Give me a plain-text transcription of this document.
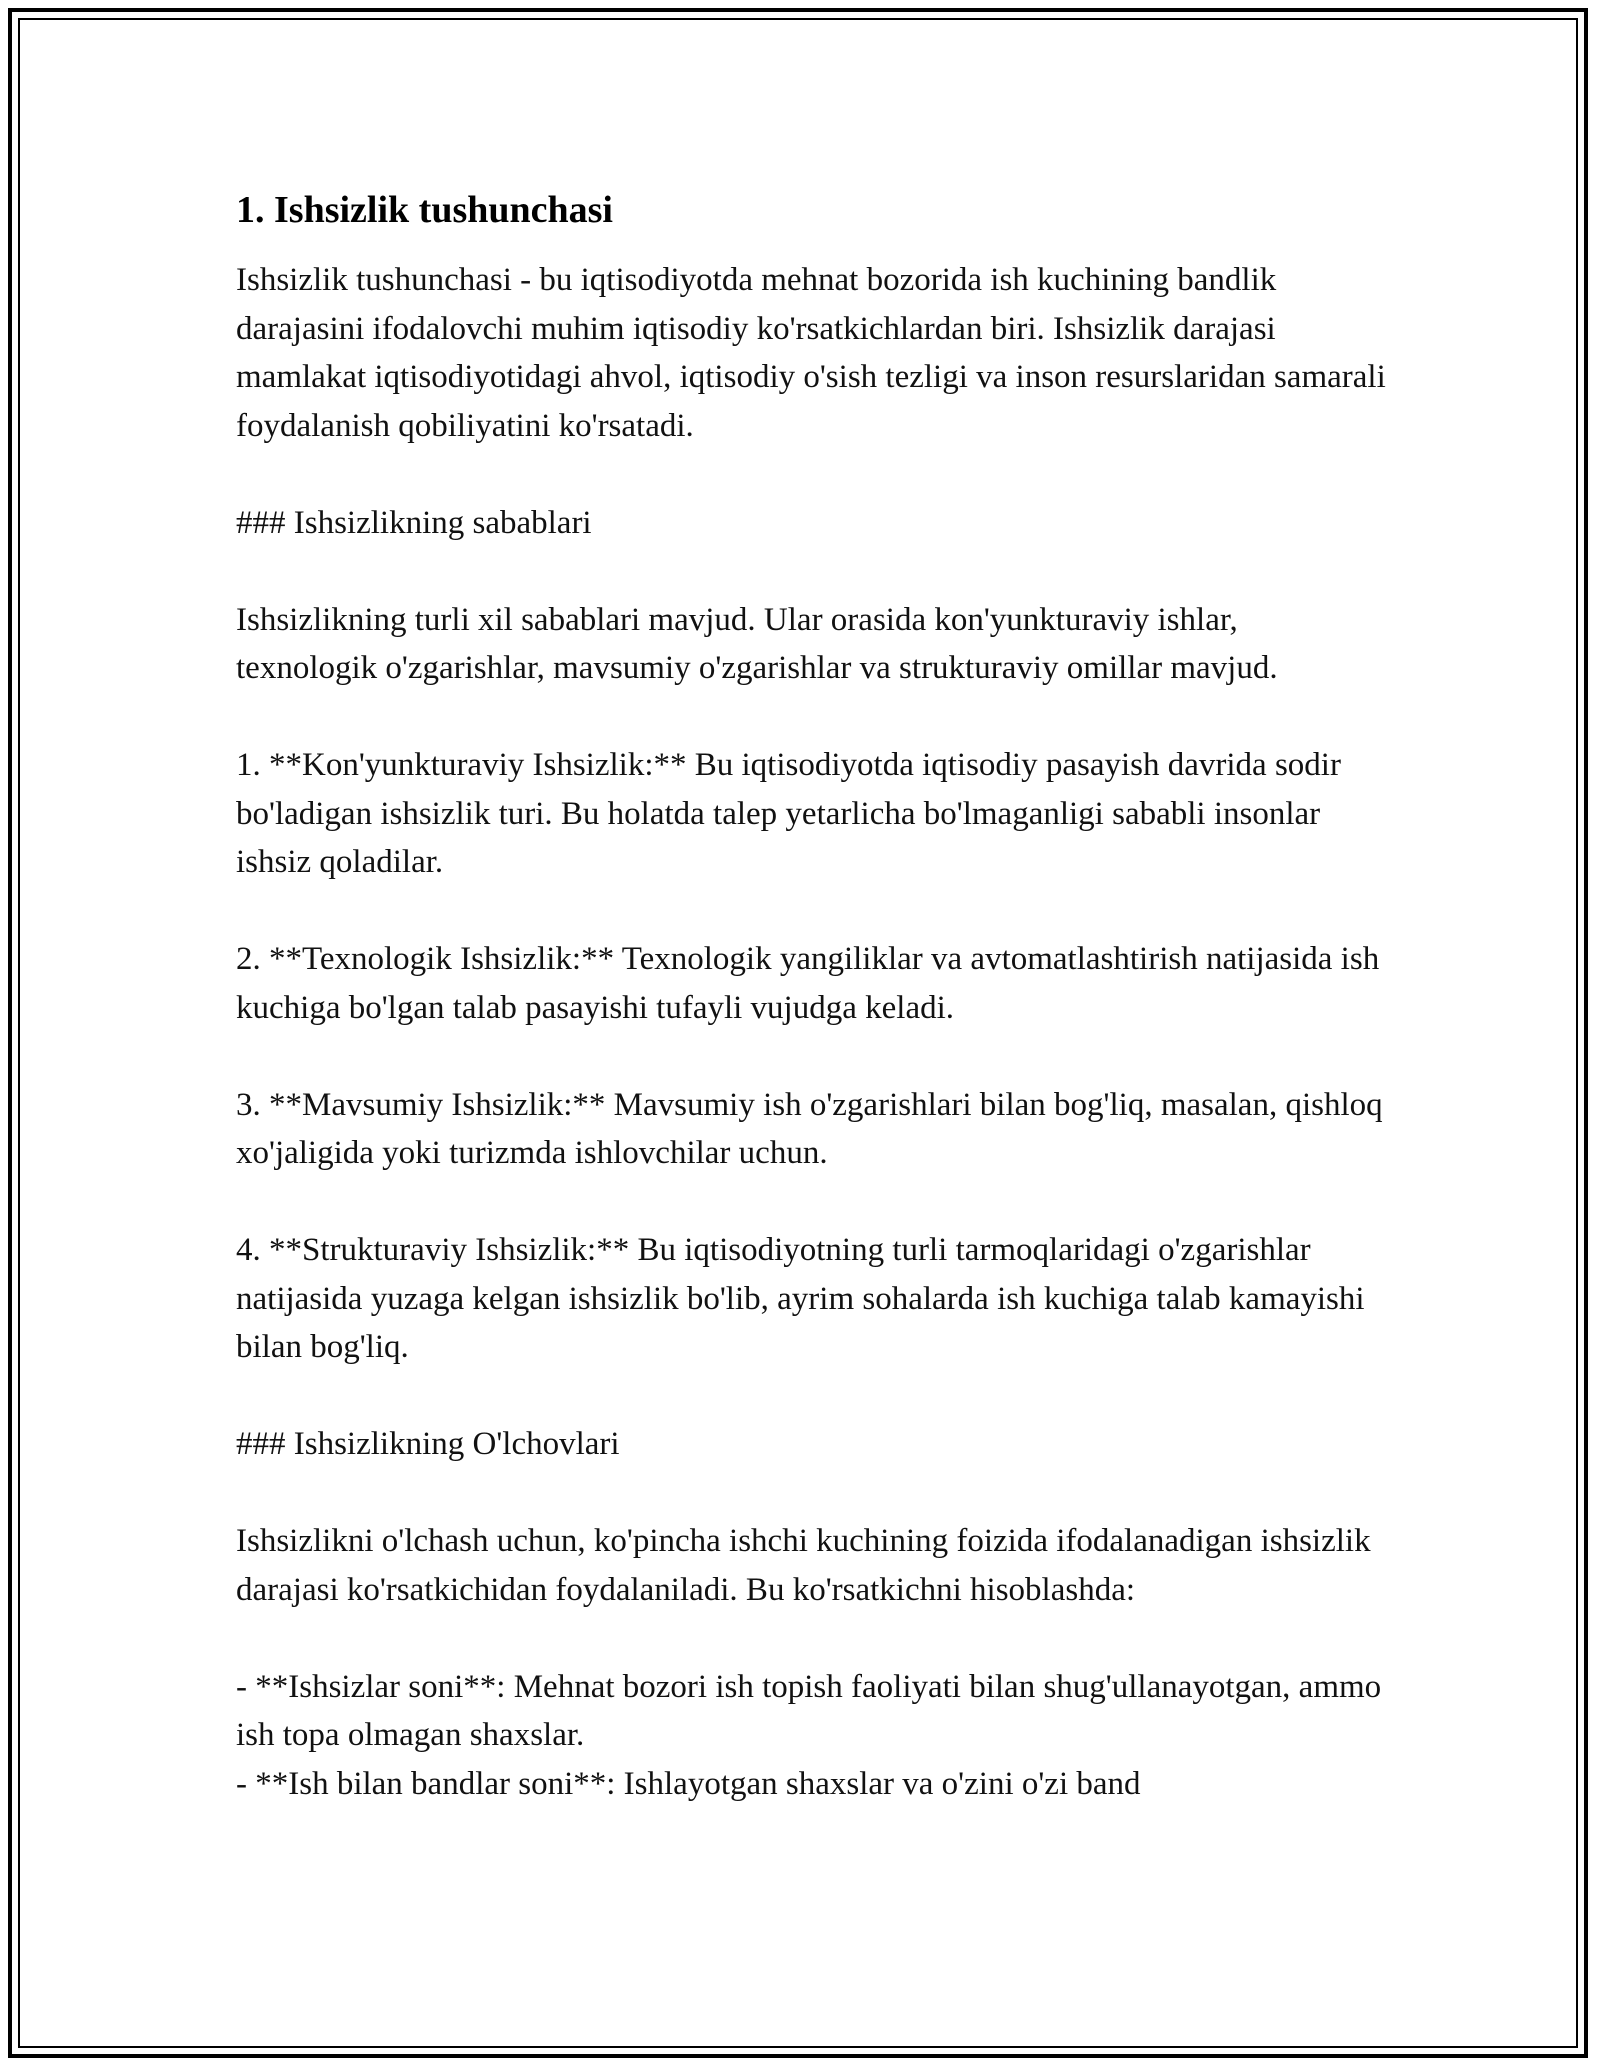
1. Ishsizlik tushunchasi

Ishsizlik tushunchasi - bu iqtisodiyotda mehnat bozorida ish kuchining bandlik darajasini ifodalovchi muhim iqtisodiy ko'rsatkichlardan biri. Ishsizlik darajasi mamlakat iqtisodiyotidagi ahvol, iqtisodiy o'sish tezligi va inson resurslaridan samarali foydalanish qobiliyatini ko'rsatadi.

### Ishsizlikning sabablari

Ishsizlikning turli xil sabablari mavjud. Ular orasida kon'yunkturaviy ishlar, texnologik o'zgarishlar, mavsumiy o'zgarishlar va strukturaviy omillar mavjud.

1. **Kon'yunkturaviy Ishsizlik:** Bu iqtisodiyotda iqtisodiy pasayish davrida sodir bo'ladigan ishsizlik turi. Bu holatda talep yetarlicha bo'lmaganligi sababli insonlar ishsiz qoladilar.

2. **Texnologik Ishsizlik:** Texnologik yangiliklar va avtomatlashtirish natijasida ish kuchiga bo'lgan talab pasayishi tufayli vujudga keladi.

3. **Mavsumiy Ishsizlik:** Mavsumiy ish o'zgarishlari bilan bog'liq, masalan, qishloq xo'jaligida yoki turizmda ishlovchilar uchun.

4. **Strukturaviy Ishsizlik:** Bu iqtisodiyotning turli tarmoqlaridagi o'zgarishlar natijasida yuzaga kelgan ishsizlik bo'lib, ayrim sohalarda ish kuchiga talab kamayishi bilan bog'liq.

### Ishsizlikning O'lchovlari

Ishsizlikni o'lchash uchun, ko'pincha ishchi kuchining foizida ifodalanadigan ishsizlik darajasi ko'rsatkichidan foydalaniladi. Bu ko'rsatkichni hisoblashda:

- **Ishsizlar soni**: Mehnat bozori ish topish faoliyati bilan shug'ullanayotgan, ammo ish topa olmagan shaxslar.

- **Ish bilan bandlar soni**: Ishlayotgan shaxslar va o'zini o'zi band
